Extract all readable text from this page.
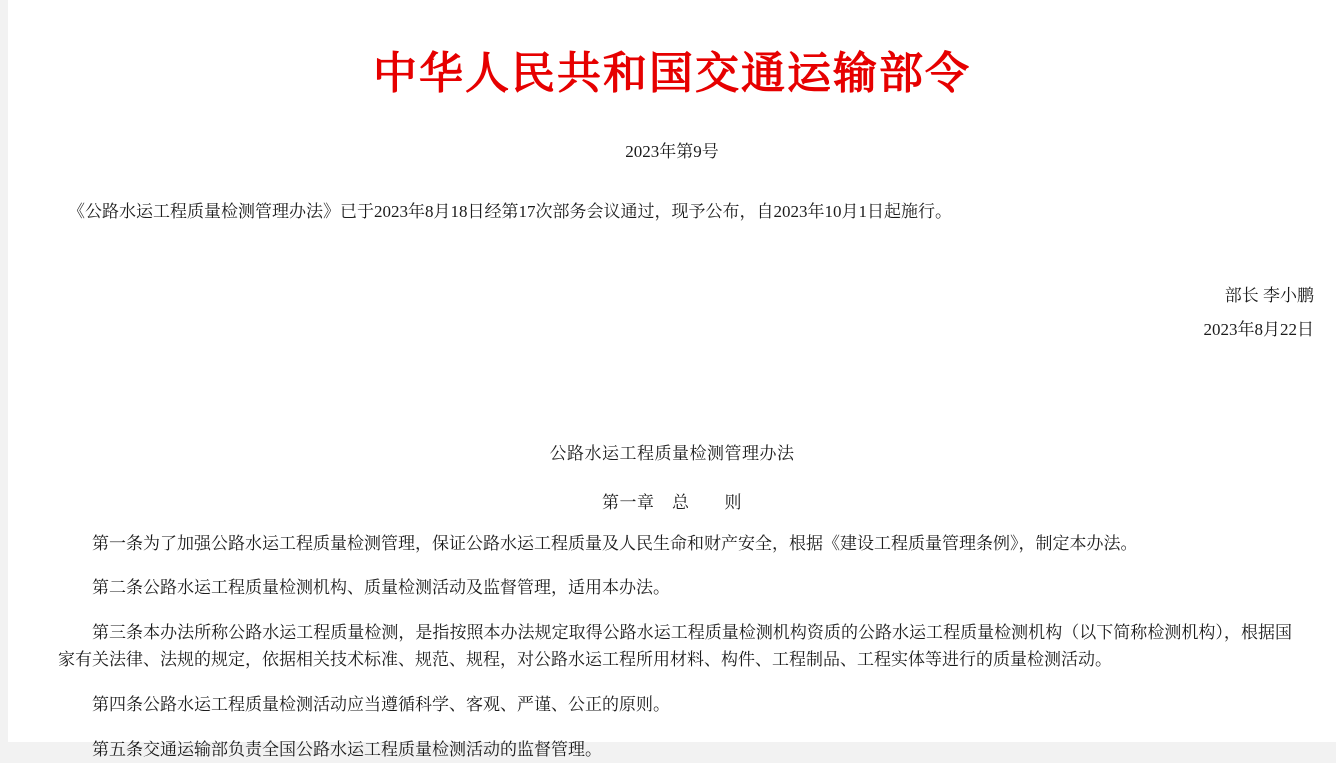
中华人民共和国交通运输部令

2023年第9号

《公路水运工程质量检测管理办法》已于2023年8月18日经第17次部务会议通过，现予公布，自2023年10月1日起施行。

部长 李小鹏
2023年8月22日

公路水运工程质量检测管理办法

第一章　总　　则

第一条为了加强公路水运工程质量检测管理，保证公路水运工程质量及人民生命和财产安全，根据《建设工程质量管理条例》，制定本办法。

第二条公路水运工程质量检测机构、质量检测活动及监督管理，适用本办法。

第三条本办法所称公路水运工程质量检测，是指按照本办法规定取得公路水运工程质量检测机构资质的公路水运工程质量检测机构（以下简称检测机构），根据国家有关法律、法规的规定，依据相关技术标准、规范、规程，对公路水运工程所用材料、构件、工程制品、工程实体等进行的质量检测活动。

第四条公路水运工程质量检测活动应当遵循科学、客观、严谨、公正的原则。

第五条交通运输部负责全国公路水运工程质量检测活动的监督管理。
